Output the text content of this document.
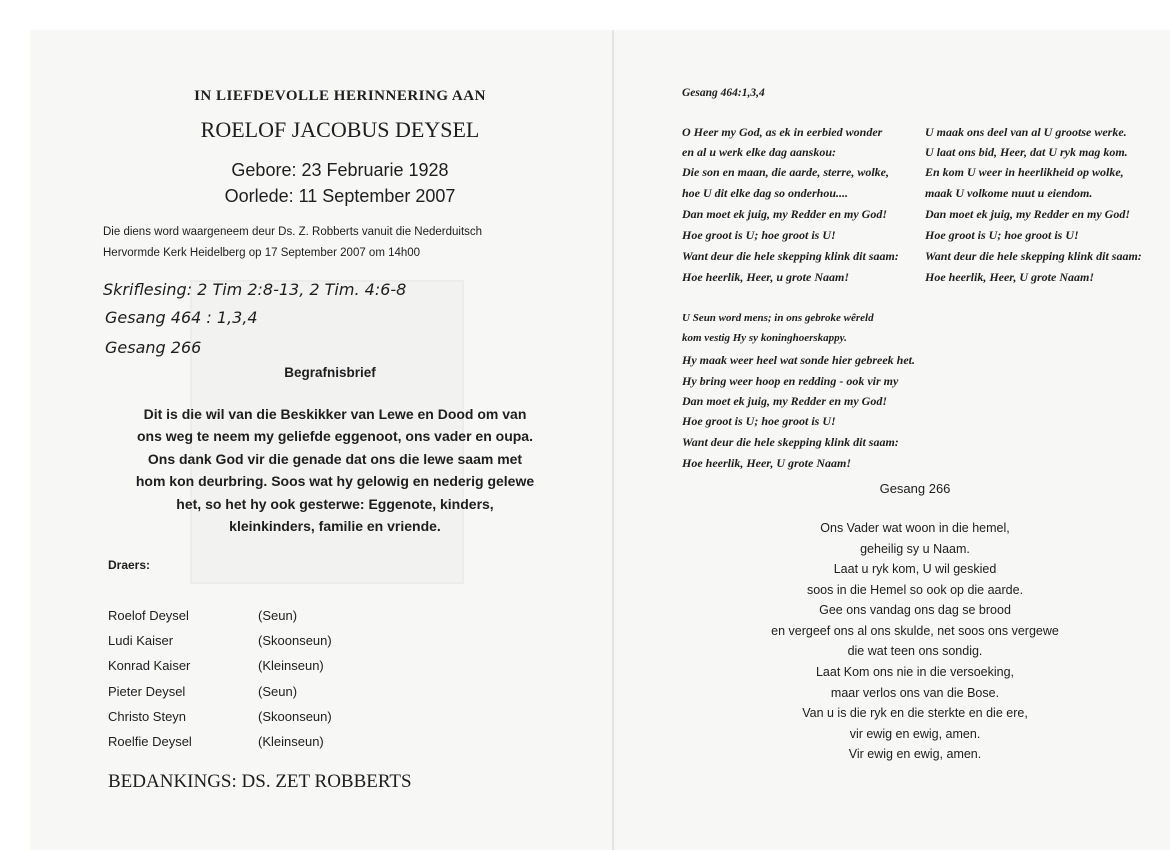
IN LIEFDEVOLLE HERINNERING AAN
ROELOF JACOBUS DEYSEL
Gebore: 23 Februarie 1928
Oorlede: 11 September 2007
Die diens word waargeneem deur Ds. Z. Robberts vanuit die Nederduitsch
Hervormde Kerk Heidelberg op 17 September 2007 om 14h00
Skriflesing: 2 Tim 2:8-13, 2 Tim. 4:6-8
Gesang 464 : 1,3,4
Gesang 266
Begrafnisbrief
Dit is die wil van die Beskikker van Lewe en Dood om van
ons weg te neem my geliefde eggenoot, ons vader en oupa.
Ons dank God vir die genade dat ons die lewe saam met
hom kon deurbring. Soos wat hy gelowig en nederig gelewe
het, so het hy ook gesterwe: Eggenote, kinders,
kleinkinders, familie en vriende.
Draers:
Roelof Deysel	(Seun)
Ludi Kaiser	(Skoonseun)
Konrad Kaiser	(Kleinseun)
Pieter Deysel	(Seun)
Christo Steyn	(Skoonseun)
Roelfie Deysel	(Kleinseun)
BEDANKINGS: DS. ZET ROBBERTS
Gesang 464:1,3,4
O Heer my God, as ek in eerbied wonder
en al u werk elke dag aanskou:
Die son en maan, die aarde, sterre, wolke,
hoe U dit elke dag so onderhou....
Dan moet ek juig, my Redder en my God!
Hoe groot is U; hoe groot is U!
Want deur die hele skepping klink dit saam:
Hoe heerlik, Heer, u grote Naam!
U maak ons deel van al U grootse werke.
U laat ons bid, Heer, dat U ryk mag kom.
En kom U weer in heerlikheid op wolke,
maak U volkome nuut u eiendom.
Dan moet ek juig, my Redder en my God!
Hoe groot is U; hoe groot is U!
Want deur die hele skepping klink dit saam:
Hoe heerlik, Heer, U grote Naam!
U Seun word mens; in ons gebroke wêreld
kom vestig Hy sy koninghoerskappy.
Hy maak weer heel wat sonde hier gebreek het.
Hy bring weer hoop en redding - ook vir my
Dan moet ek juig, my Redder en my God!
Hoe groot is U; hoe groot is U!
Want deur die hele skepping klink dit saam:
Hoe heerlik, Heer, U grote Naam!
Gesang 266
Ons Vader wat woon in die hemel,
geheilig sy u Naam.
Laat u ryk kom, U wil geskied
soos in die Hemel so ook op die aarde.
Gee ons vandag ons dag se brood
en vergeef ons al ons skulde, net soos ons vergewe
die wat teen ons sondig.
Laat Kom ons nie in die versoeking,
maar verlos ons van die Bose.
Van u is die ryk en die sterkte en die ere,
vir ewig en ewig, amen.
Vir ewig en ewig, amen.
